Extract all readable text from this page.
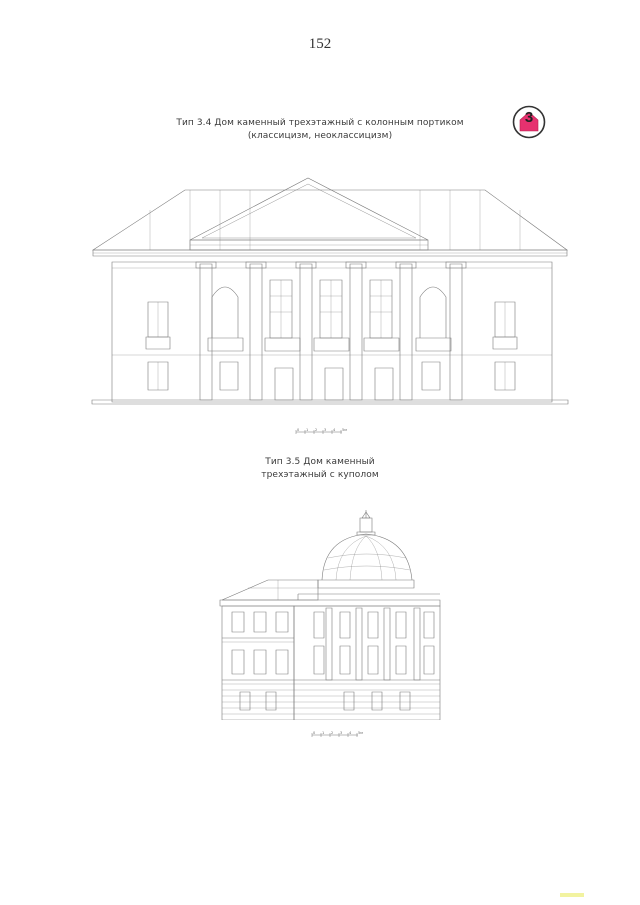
152
Тип 3.4 Дом каменный трехэтажный с колонным портиком
(классицизм, неоклассицизм)
3
0 1 2 3 4 5м
Тип 3.5 Дом каменный
трехэтажный с куполом
0 1 2 3 4 5м
